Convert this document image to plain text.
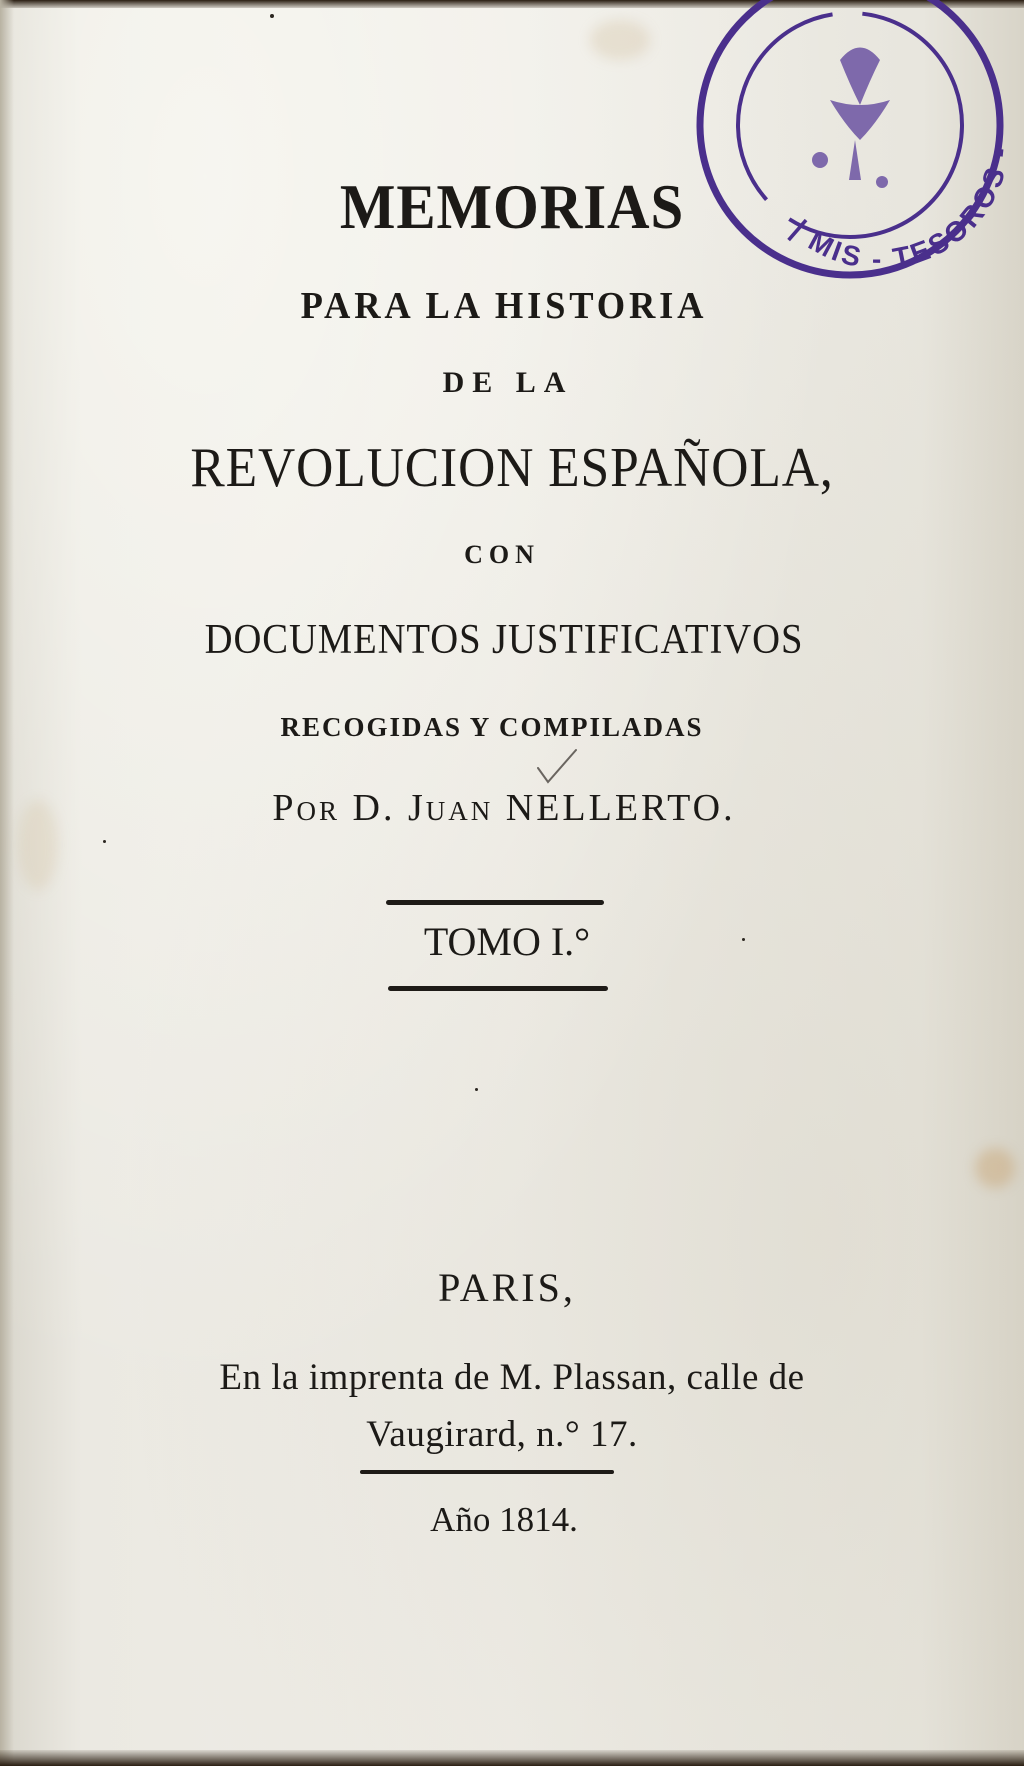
| MIS - TESOROS -
MEMORIAS
PARA LA HISTORIA
DE LA
REVOLUCION ESPAÑOLA,
CON
DOCUMENTOS JUSTIFICATIVOS
RECOGIDAS Y COMPILADAS
Por D. Juan NELLERTO.
TOMO I.°
PARIS,
En la imprenta de M. Plassan, calle de
Vaugirard, n.° 17.
Año 1814.
